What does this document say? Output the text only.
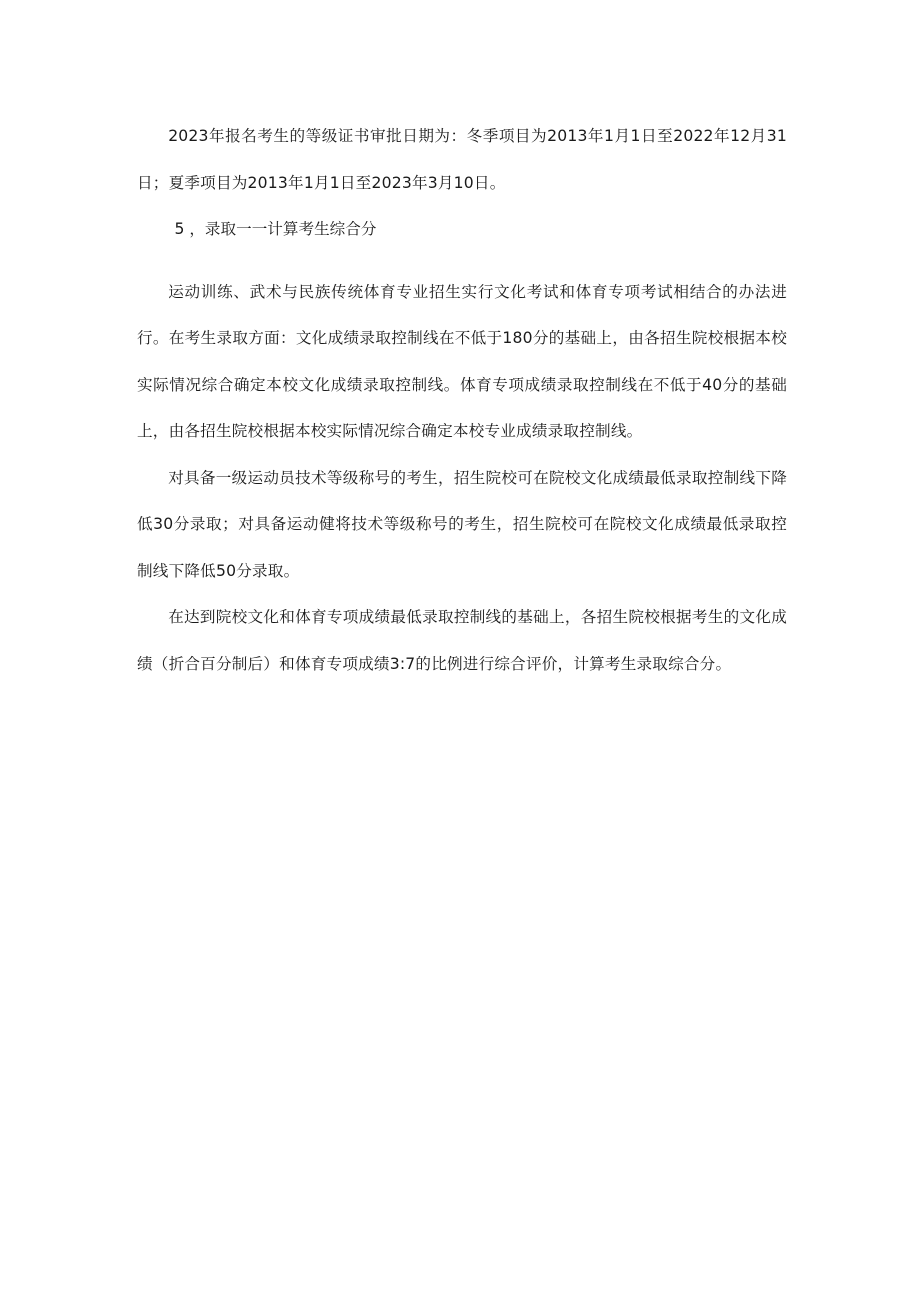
2023年报名考生的等级证书审批日期为：冬季项目为2013年1月1日至2022年12月31日；夏季项目为2013年1月1日至2023年3月10日。

5 ，录取一一计算考生综合分

运动训练、武术与民族传统体育专业招生实行文化考试和体育专项考试相结合的办法进行。在考生录取方面：文化成绩录取控制线在不低于180分的基础上，由各招生院校根据本校实际情况综合确定本校文化成绩录取控制线。体育专项成绩录取控制线在不低于40分的基础上，由各招生院校根据本校实际情况综合确定本校专业成绩录取控制线。

对具备一级运动员技术等级称号的考生，招生院校可在院校文化成绩最低录取控制线下降低30分录取；对具备运动健将技术等级称号的考生，招生院校可在院校文化成绩最低录取控制线下降低50分录取。

在达到院校文化和体育专项成绩最低录取控制线的基础上，各招生院校根据考生的文化成绩（折合百分制后）和体育专项成绩3:7的比例进行综合评价，计算考生录取综合分。
